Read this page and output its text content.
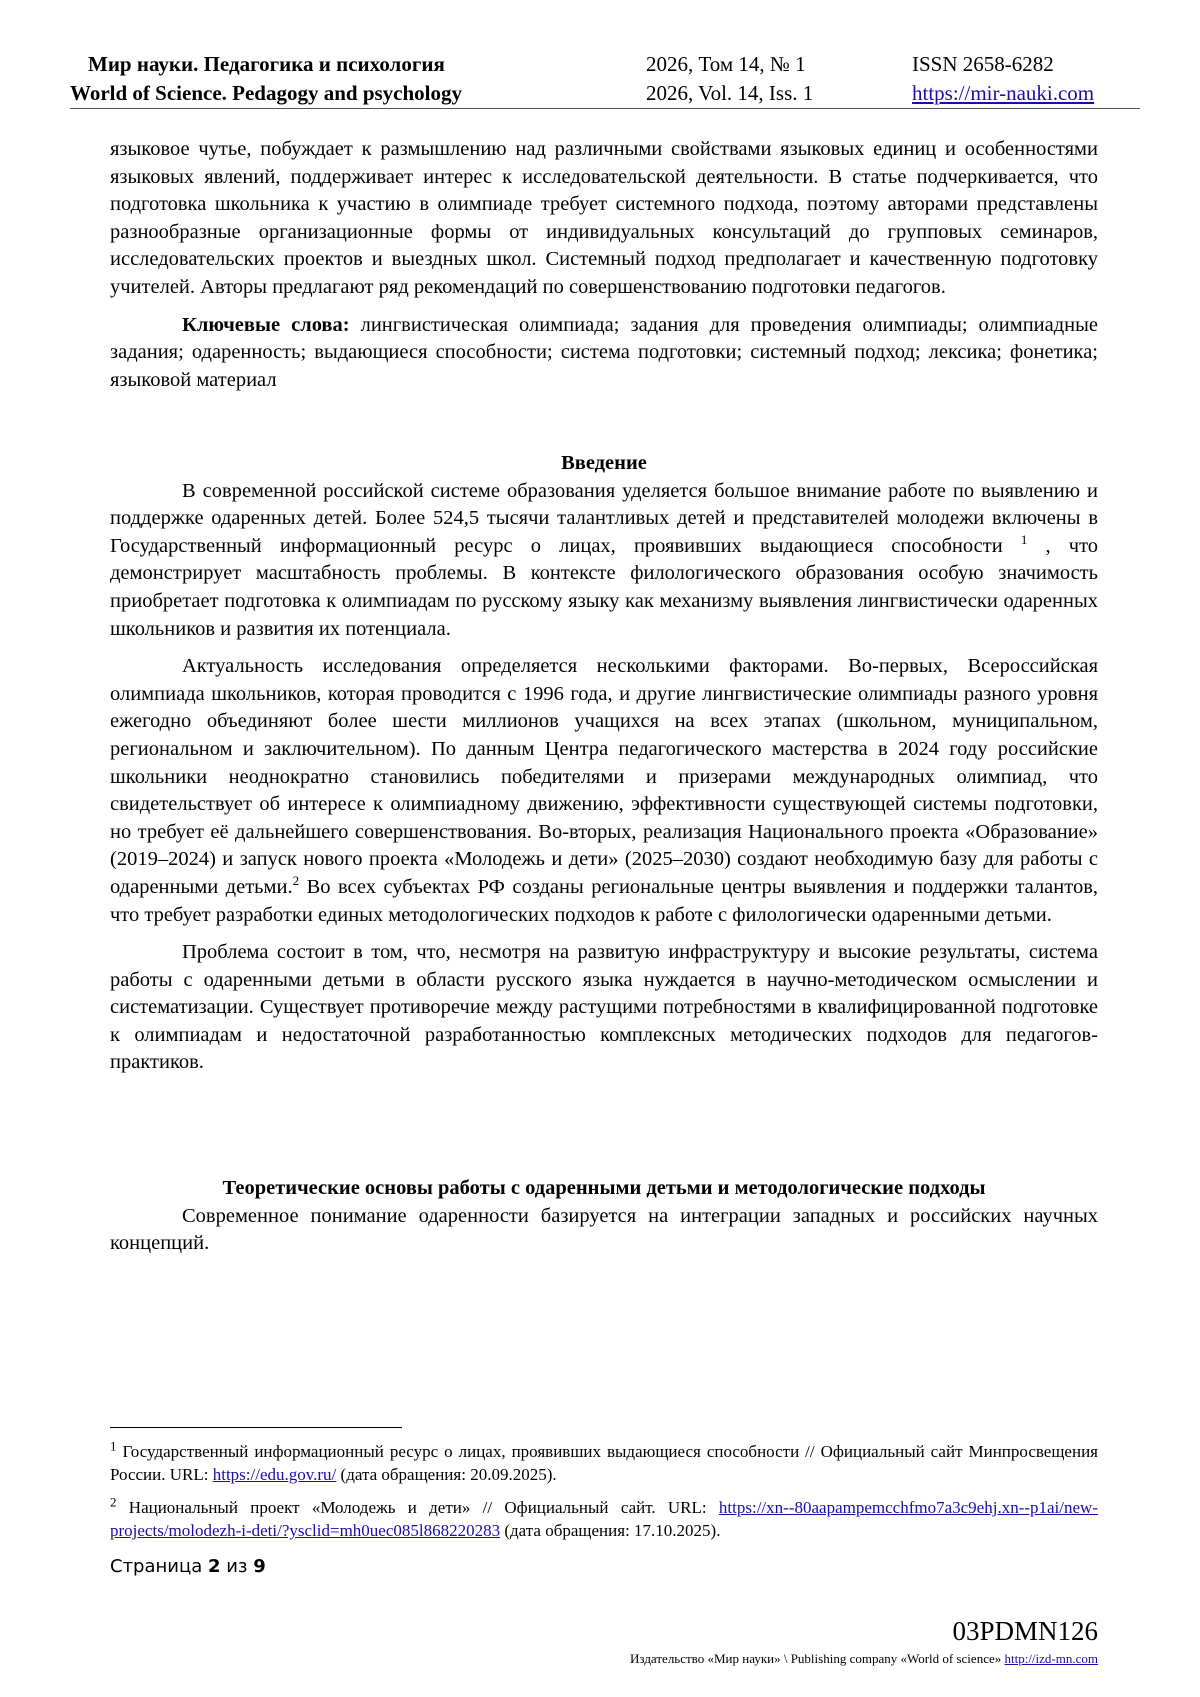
Мир науки. Педагогика и психология	2026, Том 14, № 1	ISSN 2658-6282
World of Science. Pedagogy and psychology	2026, Vol. 14, Iss. 1	https://mir-nauki.com

языковое чутье, побуждает к размышлению над различными свойствами языковых единиц и особенностями языковых явлений, поддерживает интерес к исследовательской деятельности. В статье подчеркивается, что подготовка школьника к участию в олимпиаде требует системного подхода, поэтому авторами представлены разнообразные организационные формы от индивидуальных консультаций до групповых семинаров, исследовательских проектов и выездных школ. Системный подход предполагает и качественную подготовку учителей. Авторы предлагают ряд рекомендаций по совершенствованию подготовки педагогов.

Ключевые слова: лингвистическая олимпиада; задания для проведения олимпиады; олимпиадные задания; одаренность; выдающиеся способности; система подготовки; системный подход; лексика; фонетика; языковой материал

Введение

В современной российской системе образования уделяется большое внимание работе по выявлению и поддержке одаренных детей. Более 524,5 тысячи талантливых детей и представителей молодежи включены в Государственный информационный ресурс о лицах, проявивших выдающиеся способности $^1$ , что демонстрирует масштабность проблемы. В контексте филологического образования особую значимость приобретает подготовка к олимпиадам по русскому языку как механизму выявления лингвистически одаренных школьников и развития их потенциала.

Актуальность исследования определяется несколькими факторами. Во-первых, Всероссийская олимпиада школьников, которая проводится с 1996 года, и другие лингвистические олимпиады разного уровня ежегодно объединяют более шести миллионов учащихся на всех этапах (школьном, муниципальном, региональном и заключительном). По данным Центра педагогического мастерства в 2024 году российские школьники неоднократно становились победителями и призерами международных олимпиад, что свидетельствует об интересе к олимпиадному движению, эффективности существующей системы подготовки, но требует её дальнейшего совершенствования. Во-вторых, реализация Национального проекта «Образование» (2019–2024) и запуск нового проекта «Молодежь и дети» (2025–2030) создают необходимую базу для работы с одаренными детьми.$^2$ Во всех субъектах РФ созданы региональные центры выявления и поддержки талантов, что требует разработки единых методологических подходов к работе с филологически одаренными детьми.

Проблема состоит в том, что, несмотря на развитую инфраструктуру и высокие результаты, система работы с одаренными детьми в области русского языка нуждается в научно-методическом осмыслении и систематизации. Существует противоречие между растущими потребностями в квалифицированной подготовке к олимпиадам и недостаточной разработанностью комплексных методических подходов для педагогов-практиков.

Теоретические основы работы с одаренными детьми и методологические подходы

Современное понимание одаренности базируется на интеграции западных и российских научных концепций.

$^1$ Государственный информационный ресурс о лицах, проявивших выдающиеся способности // Официальный сайт Минпросвещения России. URL: https://edu.gov.ru/ (дата обращения: 20.09.2025).

$^2$ Национальный проект «Молодежь и дети» // Официальный сайт. URL: https://xn--80aapampemcchfmo7a3c9ehj.xn--p1ai/new-projects/molodezh-i-deti/?ysclid=mh0uec085l868220283 (дата обращения: 17.10.2025).

Страница 2 из 9
03PDMN126
Издательство «Мир науки» \ Publishing company «World of science» http://izd-mn.com
